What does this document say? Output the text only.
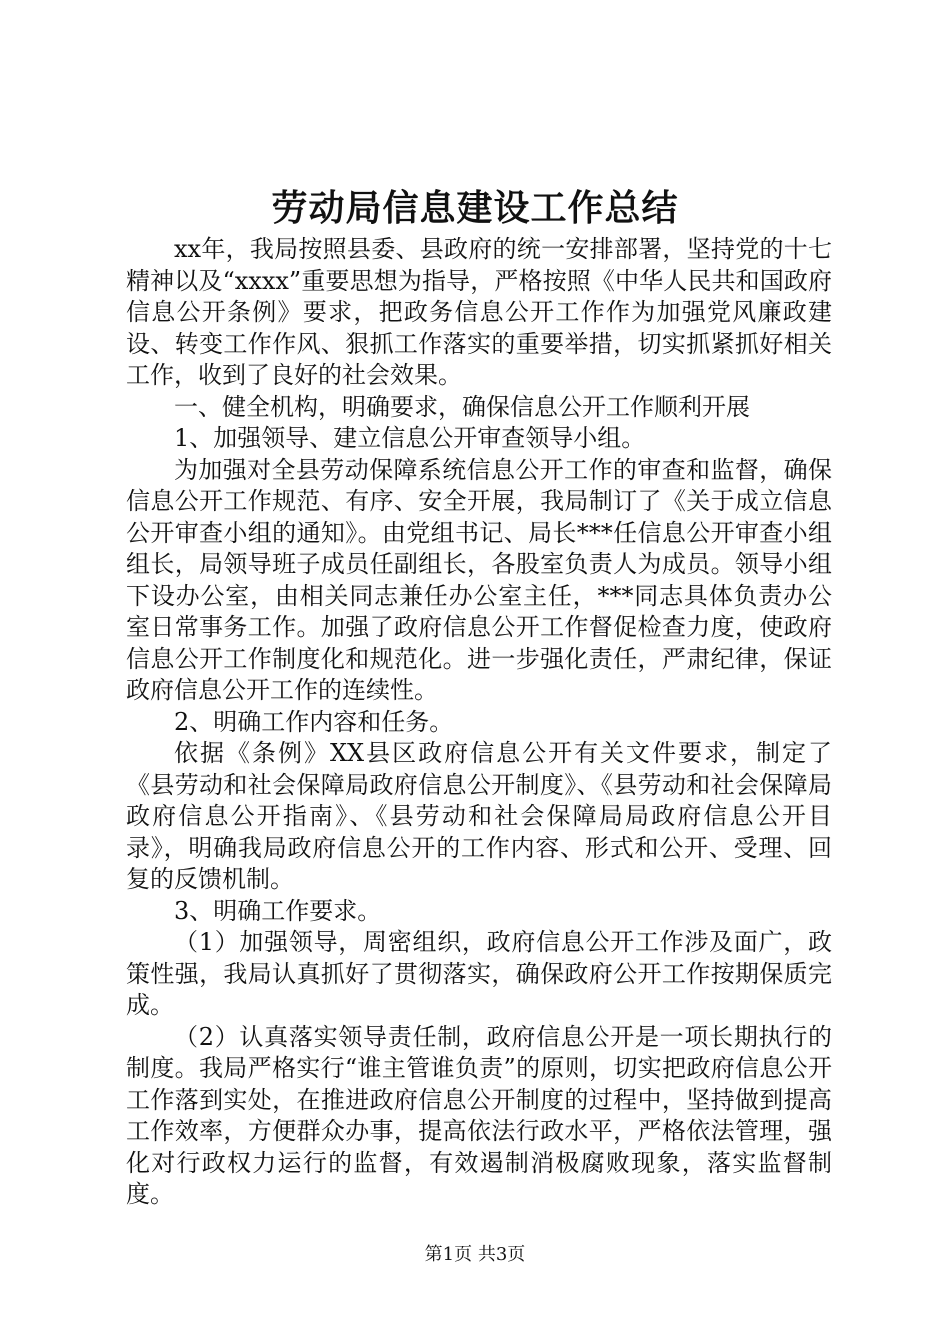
劳动局信息建设工作总结

xx年，我局按照县委、县政府的统一安排部署，坚持党的十七精神以及“xxxx”重要思想为指导，严格按照《中华人民共和国政府信息公开条例》要求，把政务信息公开工作作为加强党风廉政建设、转变工作作风、狠抓工作落实的重要举措，切实抓紧抓好相关工作，收到了良好的社会效果。

一、健全机构，明确要求，确保信息公开工作顺利开展

1、加强领导、建立信息公开审查领导小组。

为加强对全县劳动保障系统信息公开工作的审查和监督，确保信息公开工作规范、有序、安全开展，我局制订了《关于成立信息公开审查小组的通知》。由党组书记、局长***任信息公开审查小组组长，局领导班子成员任副组长，各股室负责人为成员。领导小组下设办公室，由相关同志兼任办公室主任，***同志具体负责办公室日常事务工作。加强了政府信息公开工作督促检查力度，使政府信息公开工作制度化和规范化。进一步强化责任，严肃纪律，保证政府信息公开工作的连续性。

2、明确工作内容和任务。

依据《条例》XX县区政府信息公开有关文件要求，制定了《县劳动和社会保障局政府信息公开制度》、《县劳动和社会保障局政府信息公开指南》、《县劳动和社会保障局局政府信息公开目录》，明确我局政府信息公开的工作内容、形式和公开、受理、回复的反馈机制。

3、明确工作要求。

（1）加强领导，周密组织，政府信息公开工作涉及面广，政策性强，我局认真抓好了贯彻落实，确保政府公开工作按期保质完成。

（2）认真落实领导责任制，政府信息公开是一项长期执行的制度。我局严格实行“谁主管谁负责”的原则，切实把政府信息公开工作落到实处，在推进政府信息公开制度的过程中，坚持做到提高工作效率，方便群众办事，提高依法行政水平，严格依法管理，强化对行政权力运行的监督，有效遏制消极腐败现象，落实监督制度。

第1页 共3页
